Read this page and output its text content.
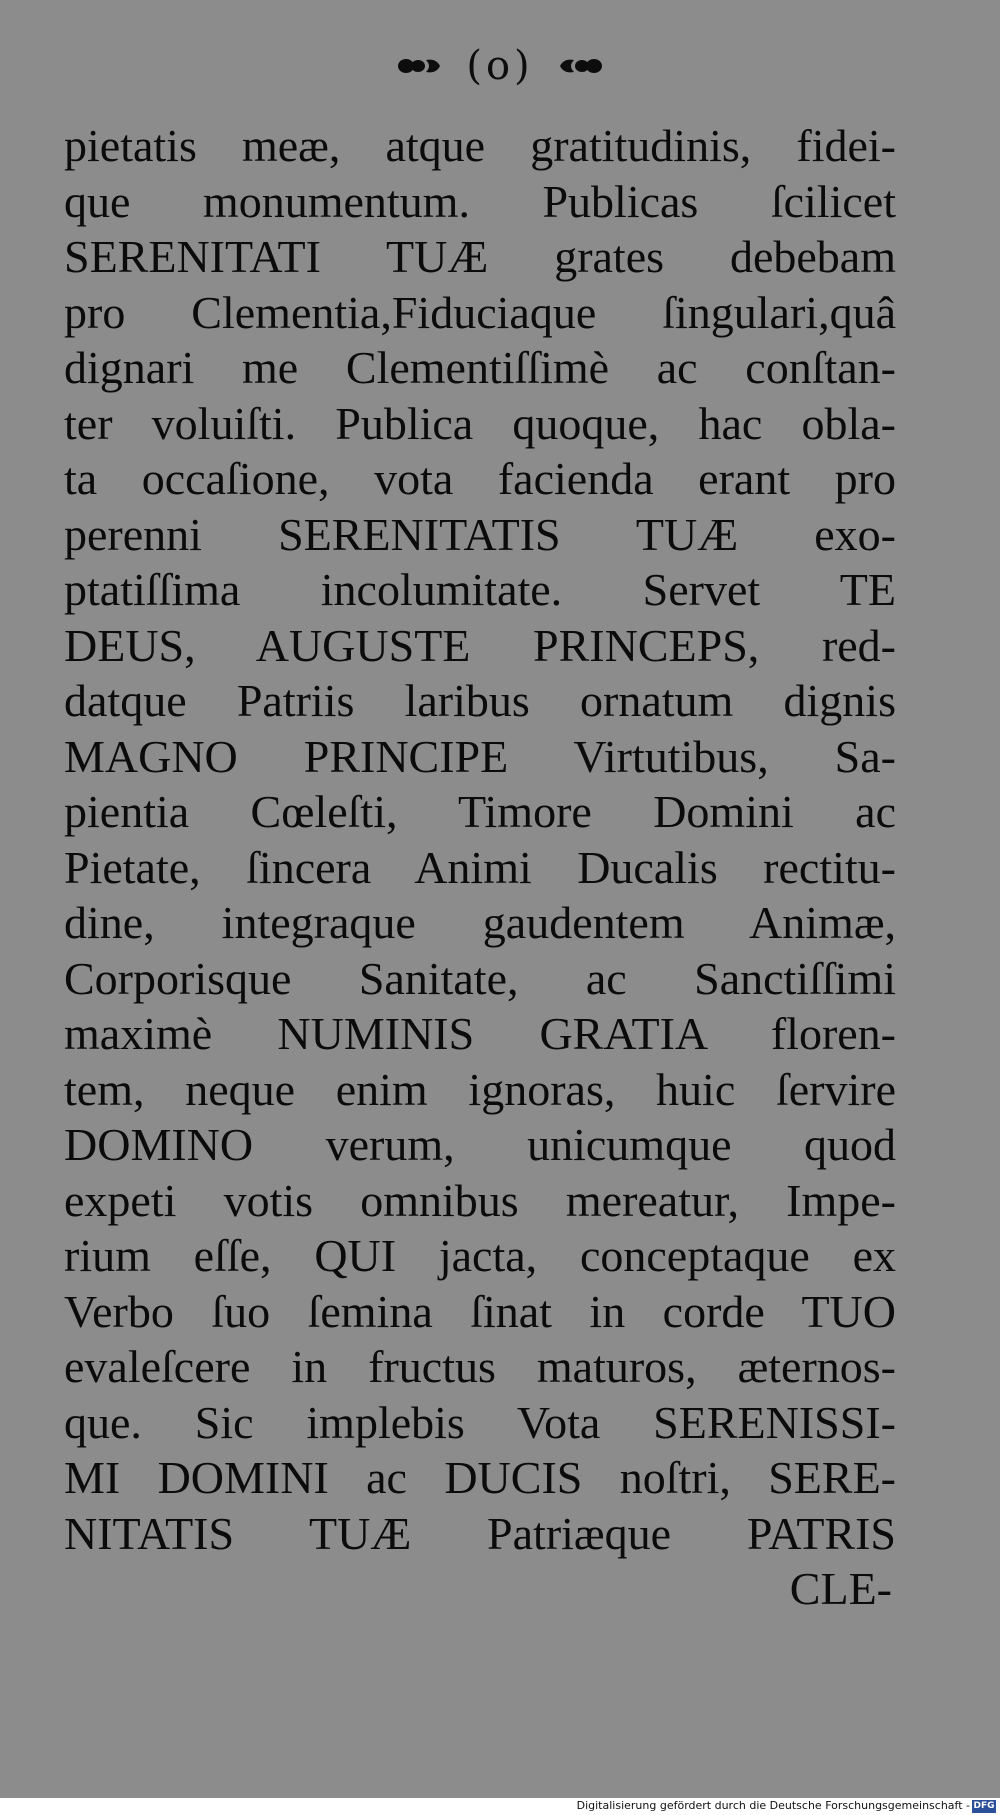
(o)
pietatis meæ, atque gratitudinis, fidei-
que monumentum. Publicas ſcilicet
SERENITATI TUÆ grates debebam
pro Clementia,Fiduciaque ſingulari,quâ
dignari me Clementiſſimè ac conſtan-
ter voluiſti. Publica quoque, hac obla-
ta occaſione, vota facienda erant pro
perenni SERENITATIS TUÆ exo-
ptatiſſima incolumitate. Servet TE
DEUS, AUGUSTE PRINCEPS, red-
datque Patriis laribus ornatum dignis
MAGNO PRINCIPE Virtutibus, Sa-
pientia Cœleſti, Timore Domini ac
Pietate, ſincera Animi Ducalis rectitu-
dine, integraque gaudentem Animæ,
Corporisque Sanitate, ac Sanctiſſimi
maximè NUMINIS GRATIA floren-
tem, neque enim ignoras, huic ſervire
DOMINO verum, unicumque quod
expeti votis omnibus mereatur, Impe-
rium eſſe, QUI jacta, conceptaque ex
Verbo ſuo ſemina ſinat in corde TUO
evaleſcere in fructus maturos, æternos-
que. Sic implebis Vota SERENISSI-
MI DOMINI ac DUCIS noſtri, SERE-
NITATIS TUÆ Patriæque PATRIS
CLE-
Digitalisierung gefördert durch die Deutsche Forschungsgemeinschaft - DFG
